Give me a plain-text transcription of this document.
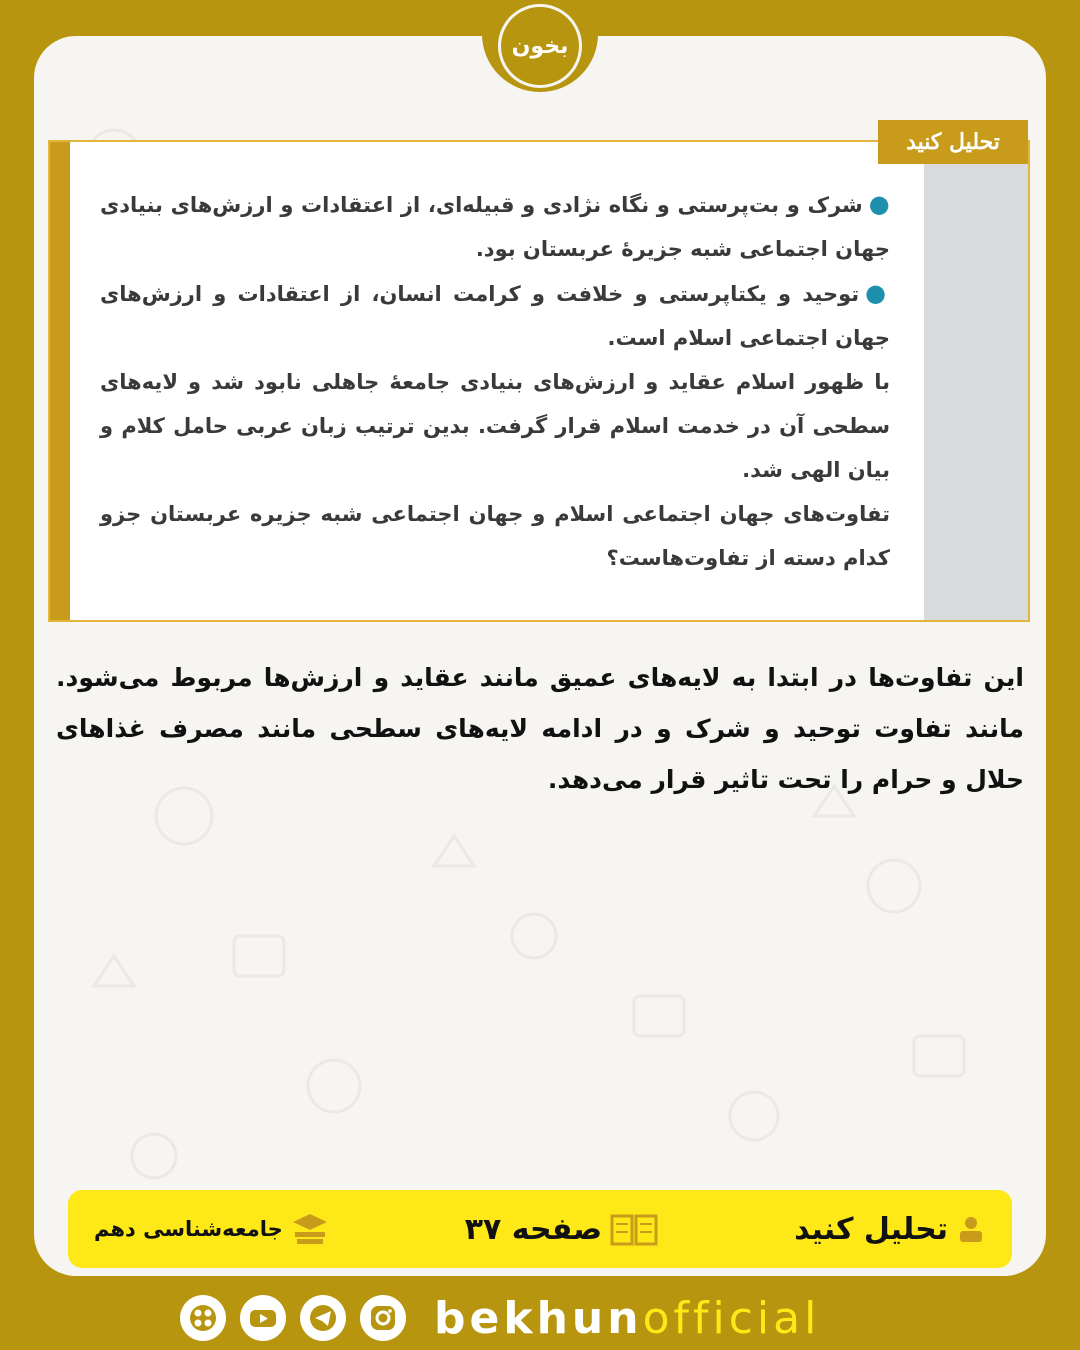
بخون
تحلیل کنید

●شرک و بت‌پرستی و نگاه نژادی و قبیله‌ای، از اعتقادات و ارزش‌های بنیادی جهان اجتماعی شبه جزیرهٔ عربستان بود.

●توحید و یکتاپرستی و خلافت و کرامت انسان، از اعتقادات و ارزش‌های جهان اجتماعی اسلام است.

با ظهور اسلام عقاید و ارزش‌های بنیادی جامعهٔ جاهلی نابود شد و لایه‌های سطحی آن در خدمت اسلام قرار گرفت. بدین ترتیب زبان عربی حامل کلام و بیان الهی شد.

تفاوت‌های جهان اجتماعی اسلام و جهان اجتماعی شبه جزیره عربستان جزو کدام دسته از تفاوت‌هاست؟

این تفاوت‌ها در ابتدا به لایه‌های عمیق مانند عقاید و ارزش‌ها مربوط می‌شود. مانند تفاوت توحید و شرک و در ادامه لایه‌های سطحی مانند مصرف غذاهای حلال و حرام را تحت تاثیر قرار می‌دهد.
تحلیل کنید
صفحه ۳۷
جامعه‌شناسی دهم
bekhunofficial
